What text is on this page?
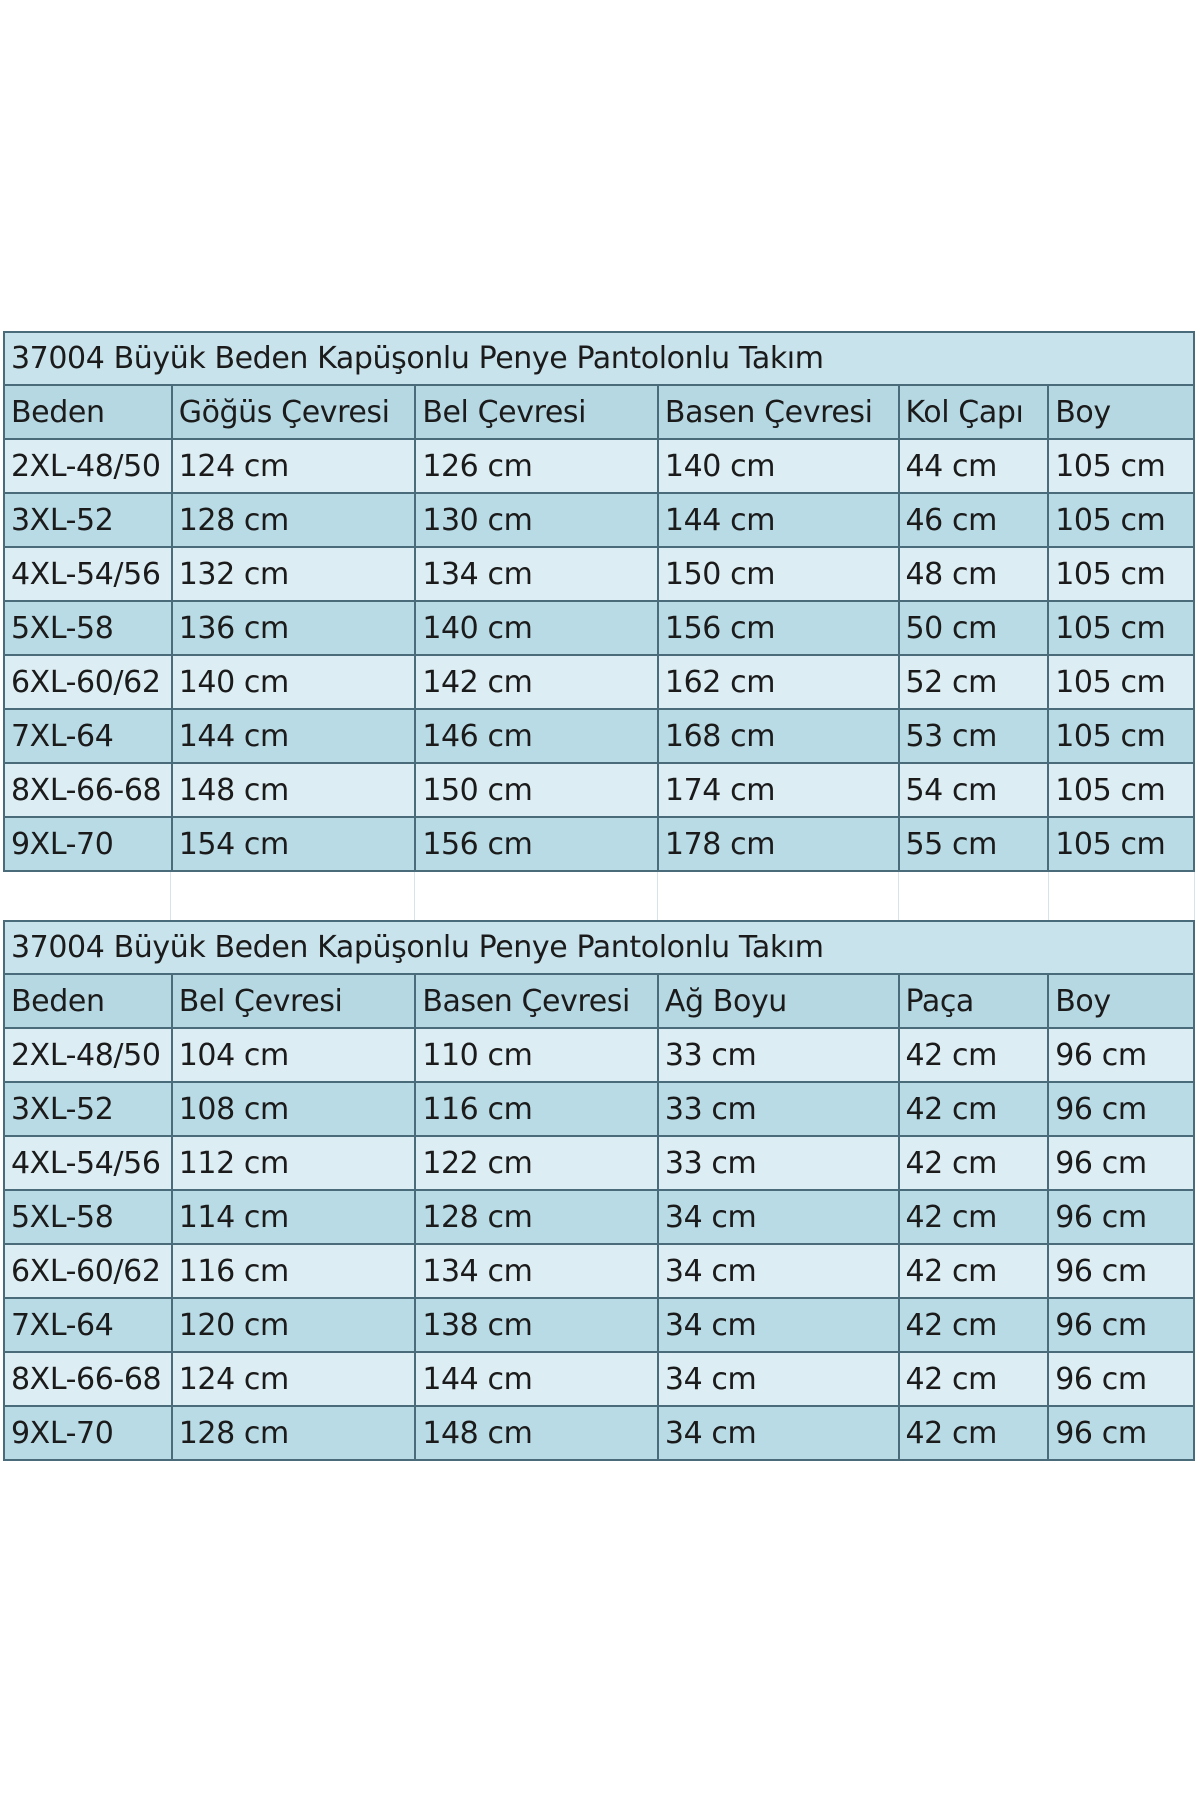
37004 Büyük Beden Kapüşonlu Penye Pantolonlu Takım
Beden	Göğüs Çevresi	Bel Çevresi	Basen Çevresi	Kol Çapı	Boy
2XL-48/50 124 cm	126 cm	140 cm	44 cm	105 cm
3XL-52	128 cm	130 cm	144 cm	46 cm	105 cm
4XL-54/56 132 cm	134 cm	150 cm	48 cm	105 cm
5XL-58	136 cm	140 cm	156 cm	50 cm	105 cm
6XL-60/62 140 cm	142 cm	162 cm	52 cm	105 cm
7XL-64	144 cm	146 cm	168 cm	53 cm	105 cm
8XL-66-68 148 cm	150 cm	174 cm	54 cm	105 cm
9XL-70	154 cm	156 cm	178 cm	55 cm	105 cm
37004 Büyük Beden Kapüşonlu Penye Pantolonlu Takım
Beden	Bel Çevresi	Basen Çevresi	Ağ Boyu	Paça	Boy
2XL-48/50 104 cm	110 cm	33 cm	42 cm	96 cm
3XL-52	108 cm	116 cm	33 cm	42 cm	96 cm
4XL-54/56 112 cm	122 cm	33 cm	42 cm	96 cm
5XL-58	114 cm	128 cm	34 cm	42 cm	96 cm
6XL-60/62 116 cm	134 cm	34 cm	42 cm	96 cm
7XL-64	120 cm	138 cm	34 cm	42 cm	96 cm
8XL-66-68 124 cm	144 cm	34 cm	42 cm	96 cm
9XL-70	128 cm	148 cm	34 cm	42 cm	96 cm
